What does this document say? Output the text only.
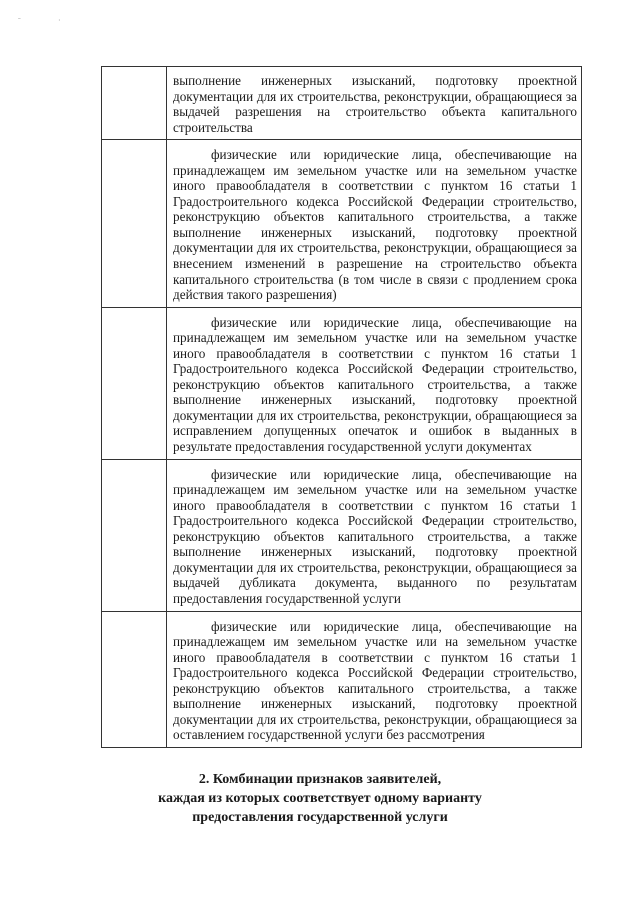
ˉ	·

	выполнение инженерных изысканий, подготовку проектной документации для их строительства, реконструкции, обращающиеся за выдачей разрешения на строительство объекта капитального строительства

	физические или юридические лица, обеспечивающие на принадлежащем им земельном участке или на земельном участке иного правообладателя в соответствии с пунктом 16 статьи 1 Градостроительного кодекса Российской Федерации строительство, реконструкцию объектов капитального строительства, а также выполнение инженерных изысканий, подготовку проектной документации для их строительства, реконструкции, обращающиеся за внесением изменений в разрешение на строительство объекта капитального строительства (в том числе в связи с продлением срока действия такого разрешения)

	физические или юридические лица, обеспечивающие на принадлежащем им земельном участке или на земельном участке иного правообладателя в соответствии с пунктом 16 статьи 1 Градостроительного кодекса Российской Федерации строительство, реконструкцию объектов капитального строительства, а также выполнение инженерных изысканий, подготовку проектной документации для их строительства, реконструкции, обращающиеся за исправлением допущенных опечаток и ошибок в выданных в результате предоставления государственной услуги документах

	физические или юридические лица, обеспечивающие на принадлежащем им земельном участке или на земельном участке иного правообладателя в соответствии с пунктом 16 статьи 1 Градостроительного кодекса Российской Федерации строительство, реконструкцию объектов капитального строительства, а также выполнение инженерных изысканий, подготовку проектной документации для их строительства, реконструкции, обращающиеся за выдачей дубликата документа, выданного по результатам предоставления государственной услуги

	физические или юридические лица, обеспечивающие на принадлежащем им земельном участке или на земельном участке иного правообладателя в соответствии с пунктом 16 статьи 1 Градостроительного кодекса Российской Федерации строительство, реконструкцию объектов капитального строительства, а также выполнение инженерных изысканий, подготовку проектной документации для их строительства, реконструкции, обращающиеся за оставлением государственной услуги без рассмотрения

2. Комбинации признаков заявителей,
каждая из которых соответствует одному варианту
предоставления государственной услуги
